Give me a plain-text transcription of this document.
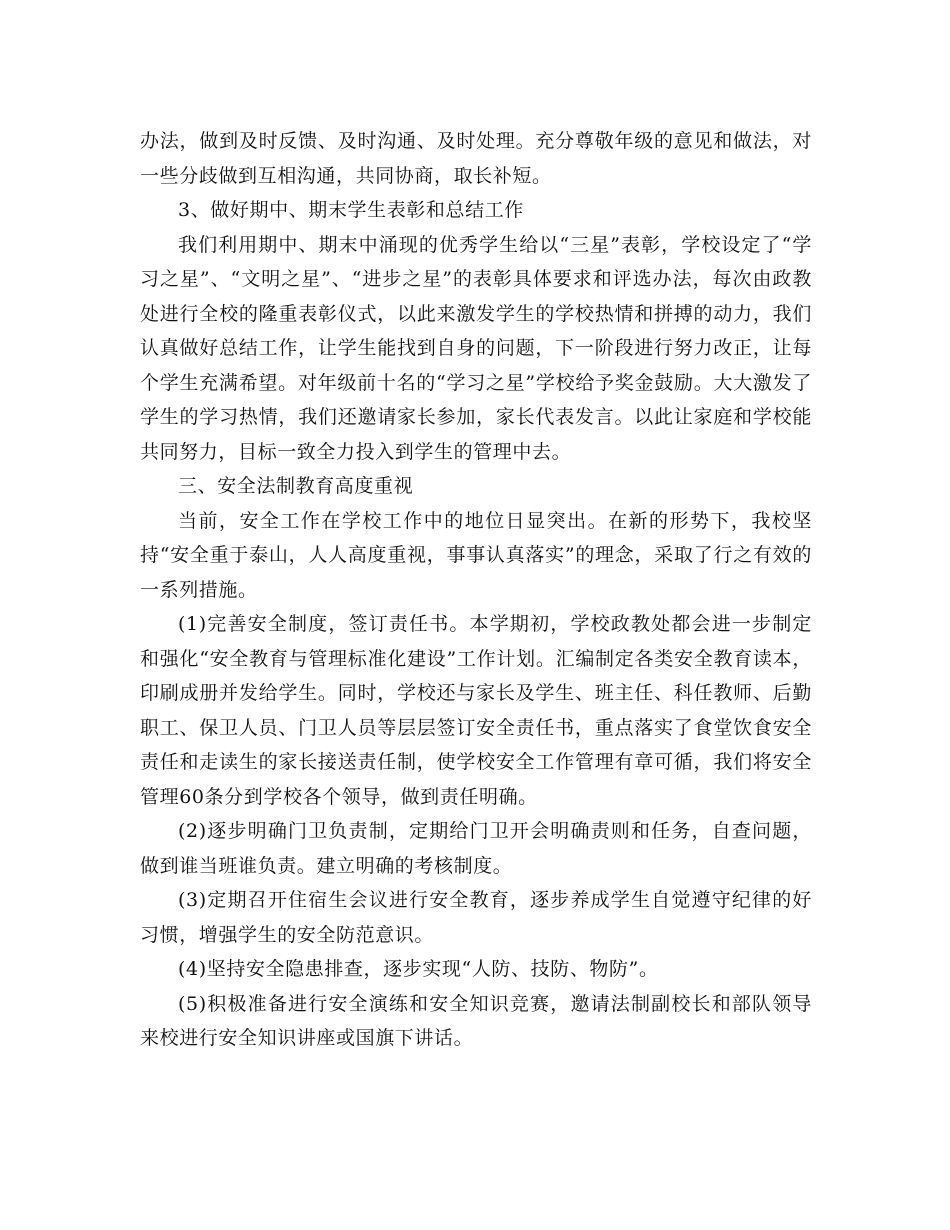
办法，做到及时反馈、及时沟通、及时处理。充分尊敬年级的意见和做法，对一些分歧做到互相沟通，共同协商，取长补短。

3、做好期中、期末学生表彰和总结工作

我们利用期中、期末中涌现的优秀学生给以“三星”表彰，学校设定了“学习之星”、“文明之星”、“进步之星”的表彰具体要求和评选办法，每次由政教处进行全校的隆重表彰仪式，以此来激发学生的学校热情和拼搏的动力，我们认真做好总结工作，让学生能找到自身的问题，下一阶段进行努力改正，让每个学生充满希望。对年级前十名的“学习之星”学校给予奖金鼓励。大大激发了学生的学习热情，我们还邀请家长参加，家长代表发言。以此让家庭和学校能共同努力，目标一致全力投入到学生的管理中去。

三、安全法制教育高度重视

当前，安全工作在学校工作中的地位日显突出。在新的形势下，我校坚持“安全重于泰山，人人高度重视，事事认真落实”的理念，采取了行之有效的一系列措施。

(1)完善安全制度，签订责任书。本学期初，学校政教处都会进一步制定和强化“安全教育与管理标准化建设”工作计划。汇编制定各类安全教育读本，印刷成册并发给学生。同时，学校还与家长及学生、班主任、科任教师、后勤职工、保卫人员、门卫人员等层层签订安全责任书，重点落实了食堂饮食安全责任和走读生的家长接送责任制，使学校安全工作管理有章可循，我们将安全管理60条分到学校各个领导，做到责任明确。

(2)逐步明确门卫负责制，定期给门卫开会明确责则和任务，自查问题，做到谁当班谁负责。建立明确的考核制度。

(3)定期召开住宿生会议进行安全教育，逐步养成学生自觉遵守纪律的好习惯，增强学生的安全防范意识。

(4)坚持安全隐患排查，逐步实现“人防、技防、物防”。

(5)积极准备进行安全演练和安全知识竞赛，邀请法制副校长和部队领导来校进行安全知识讲座或国旗下讲话。
